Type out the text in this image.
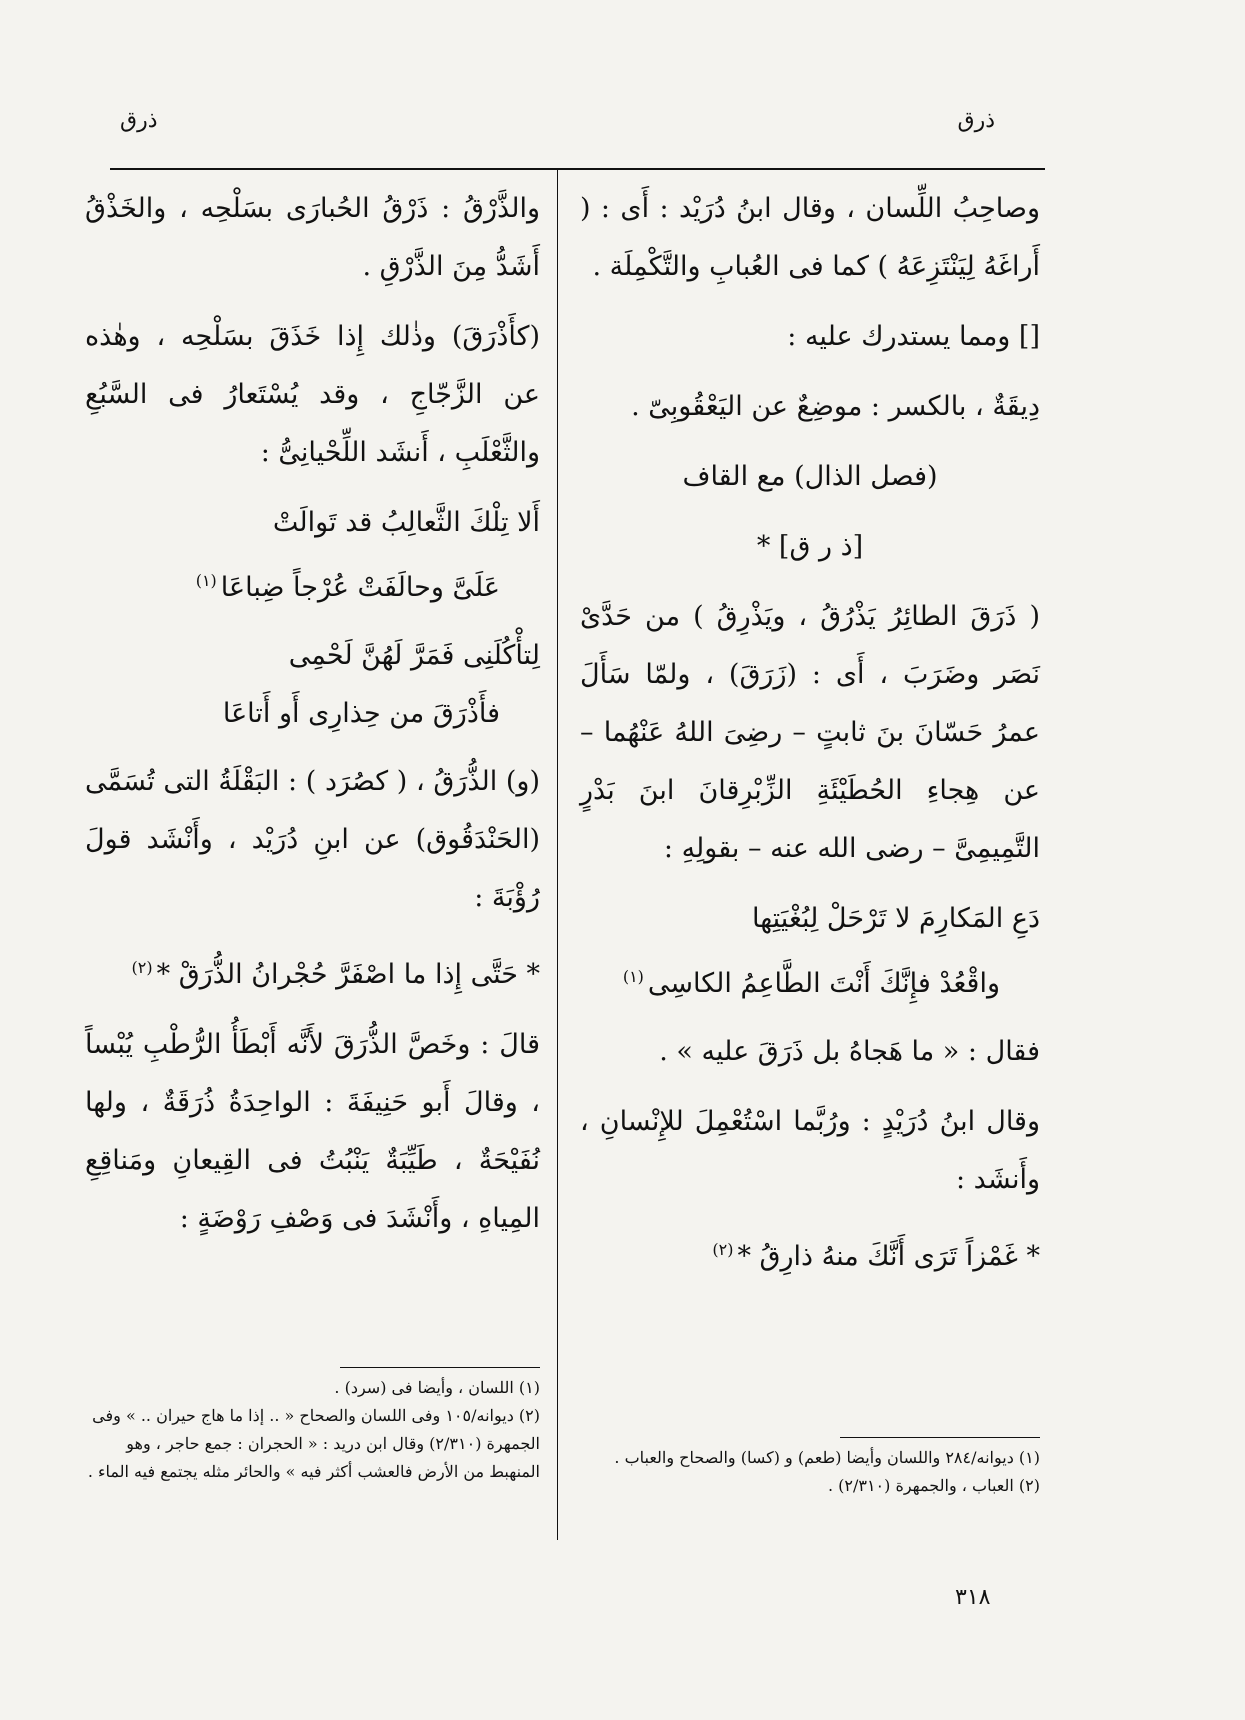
ذرق
ذرق

وصاحِبُ اللِّسان ، وقال ابنُ دُرَيْد : أَى : ( أَراغَهُ لِيَنْتَزِعَهُ ) كما فى العُبابِ والتَّكْمِلَة .

[] ومما يستدرك عليه :

دِيقَةٌ ، بالكسر : موضِعٌ عن اليَعْقُوبِىّ .

(فصل الذال) مع القاف

[ذ ر ق] *

( ذَرَقَ الطائِرُ يَذْرُقُ ، ويَذْرِقُ ) من حَدَّىْ نَصَر وضَرَبَ ، أَى : (زَرَقَ) ، ولمّا سَأَلَ عمرُ حَسّانَ بنَ ثابتٍ – رضِىَ اللهُ عَنْهُما – عن هِجاءِ الحُطَيْئَةِ الزِّبْرِقانَ ابنَ بَدْرٍ التَّمِيمِىَّ – رضى الله عنه – بقولِهِ :

دَعِ المَكارِمَ لا تَرْحَلْ لِبُغْيَتِها
واقْعُدْ فإِنَّكَ أَنْتَ الطَّاعِمُ الكاسِى$^{(١)}$

فقال : « ما هَجاهُ بل ذَرَقَ عليه » .

وقال ابنُ دُرَيْدٍ : ورُبَّما اسْتُعْمِلَ للإِنْسانِ ، وأَنشَد :

* غَمْزاً تَرَى أَنَّكَ منهُ ذارِقُ *$^{(٢)}$

والذَّرْقُ : ذَرْقُ الحُبارَى بسَلْحِه ، والخَذْقُ أَشَدُّ مِنَ الذَّرْقِ .

(كأَذْرَقَ) وذٰلك إِذا خَذَقَ بسَلْحِه ، وهٰذه عن الزَّجّاجِ ، وقد يُسْتَعارُ فى السَّبُعِ والثَّعْلَبِ ، أَنشَد اللِّحْيانِىُّ :

أَلا تِلْكَ الثَّعالِبُ قد تَوالَتْ
عَلَىَّ وحالَفَتْ عُرْجاً ضِباعَا$^{(١)}$
لِتأْكُلَنِى فَمَرَّ لَهُنَّ لَحْمِى
فأَذْرَقَ من حِذارِى أَو أَتاعَا

(و) الذُّرَقُ ، ( كصُرَد ) : البَقْلَةُ التى تُسَمَّى (الحَنْدَقُوق) عن ابنِ دُرَيْد ، وأَنْشَد قولَ رُؤْبَةَ :

* حَتَّى إِذا ما اصْفَرَّ حُجْرانُ الذُّرَقْ *$^{(٢)}$

قالَ : وخَصَّ الذُّرَقَ لأَنَّه أَبْطَأُ الرُّطْبِ يُبْساً ، وقالَ أَبو حَنِيفَةَ : الواحِدَةُ ذُرَقَةٌ ، ولها نُفَيْحَةٌ ، طَيِّبَةٌ يَنْبُتُ فى القِيعانِ ومَناقِعِ المِياهِ ، وأَنْشَدَ فى وَصْفِ رَوْضَةٍ :

(١) ديوانه/٢٨٤ واللسان وأيضا (طعم) و (كسا) والصحاح والعباب .

(٢) العباب ، والجمهرة (٢/٣١٠) .

(١) اللسان ، وأيضا فى (سرد) .

(٢) ديوانه/١٠٥ وفى اللسان والصحاح « .. إذا ما هاج حيران .. » وفى الجمهرة (٢/٣١٠) وقال ابن دريد : « الحجران : جمع حاجر ، وهو المنهبط من الأرض فالعشب أكثر فيه » والحائر مثله يجتمع فيه الماء .

٣١٨
